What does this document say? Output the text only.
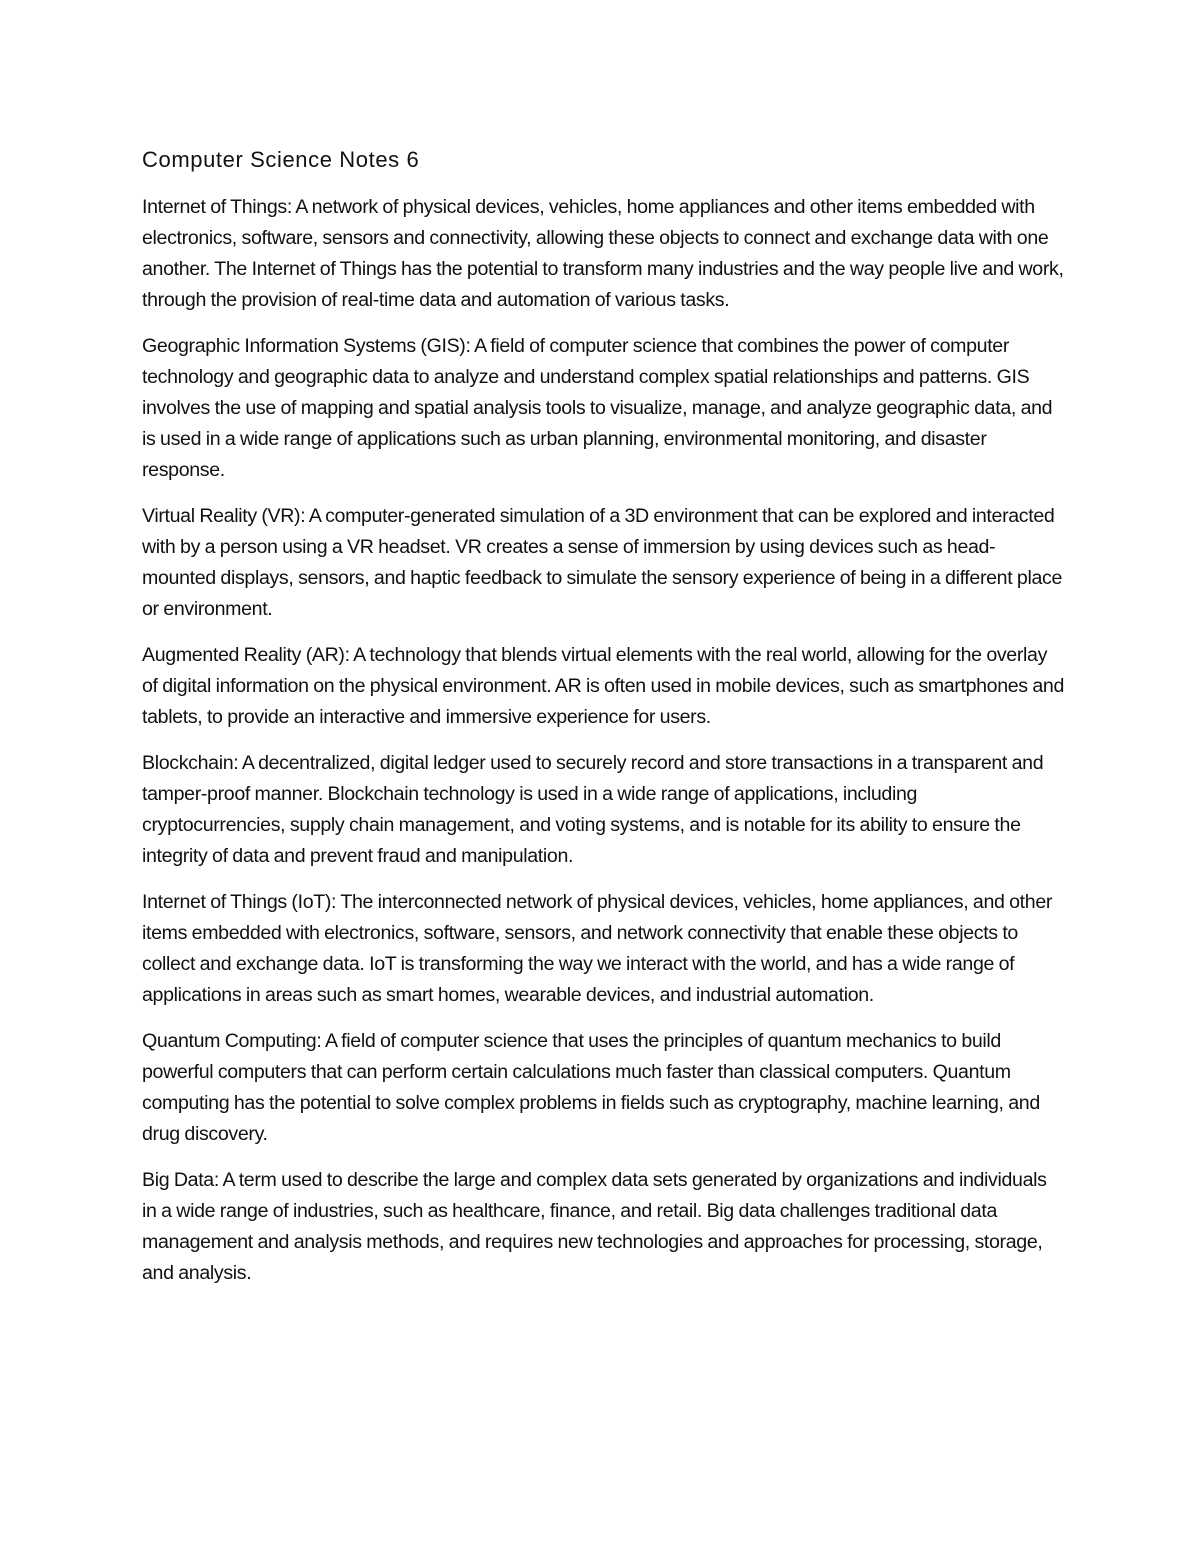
Computer Science Notes 6

Internet of Things: A network of physical devices, vehicles, home appliances and other items embedded with electronics, software, sensors and connectivity, allowing these objects to connect and exchange data with one another. The Internet of Things has the potential to transform many industries and the way people live and work, through the provision of real-time data and automation of various tasks.

Geographic Information Systems (GIS): A field of computer science that combines the power of computer technology and geographic data to analyze and understand complex spatial relationships and patterns. GIS involves the use of mapping and spatial analysis tools to visualize, manage, and analyze geographic data, and is used in a wide range of applications such as urban planning, environmental monitoring, and disaster response.

Virtual Reality (VR): A computer-generated simulation of a 3D environment that can be explored and interacted with by a person using a VR headset. VR creates a sense of immersion by using devices such as head-mounted displays, sensors, and haptic feedback to simulate the sensory experience of being in a different place or environment.

Augmented Reality (AR): A technology that blends virtual elements with the real world, allowing for the overlay of digital information on the physical environment. AR is often used in mobile devices, such as smartphones and tablets, to provide an interactive and immersive experience for users.

Blockchain: A decentralized, digital ledger used to securely record and store transactions in a transparent and tamper-proof manner. Blockchain technology is used in a wide range of applications, including cryptocurrencies, supply chain management, and voting systems, and is notable for its ability to ensure the integrity of data and prevent fraud and manipulation.

Internet of Things (IoT): The interconnected network of physical devices, vehicles, home appliances, and other items embedded with electronics, software, sensors, and network connectivity that enable these objects to collect and exchange data. IoT is transforming the way we interact with the world, and has a wide range of applications in areas such as smart homes, wearable devices, and industrial automation.

Quantum Computing: A field of computer science that uses the principles of quantum mechanics to build powerful computers that can perform certain calculations much faster than classical computers. Quantum computing has the potential to solve complex problems in fields such as cryptography, machine learning, and drug discovery.

Big Data: A term used to describe the large and complex data sets generated by organizations and individuals in a wide range of industries, such as healthcare, finance, and retail. Big data challenges traditional data management and analysis methods, and requires new technologies and approaches for processing, storage, and analysis.
